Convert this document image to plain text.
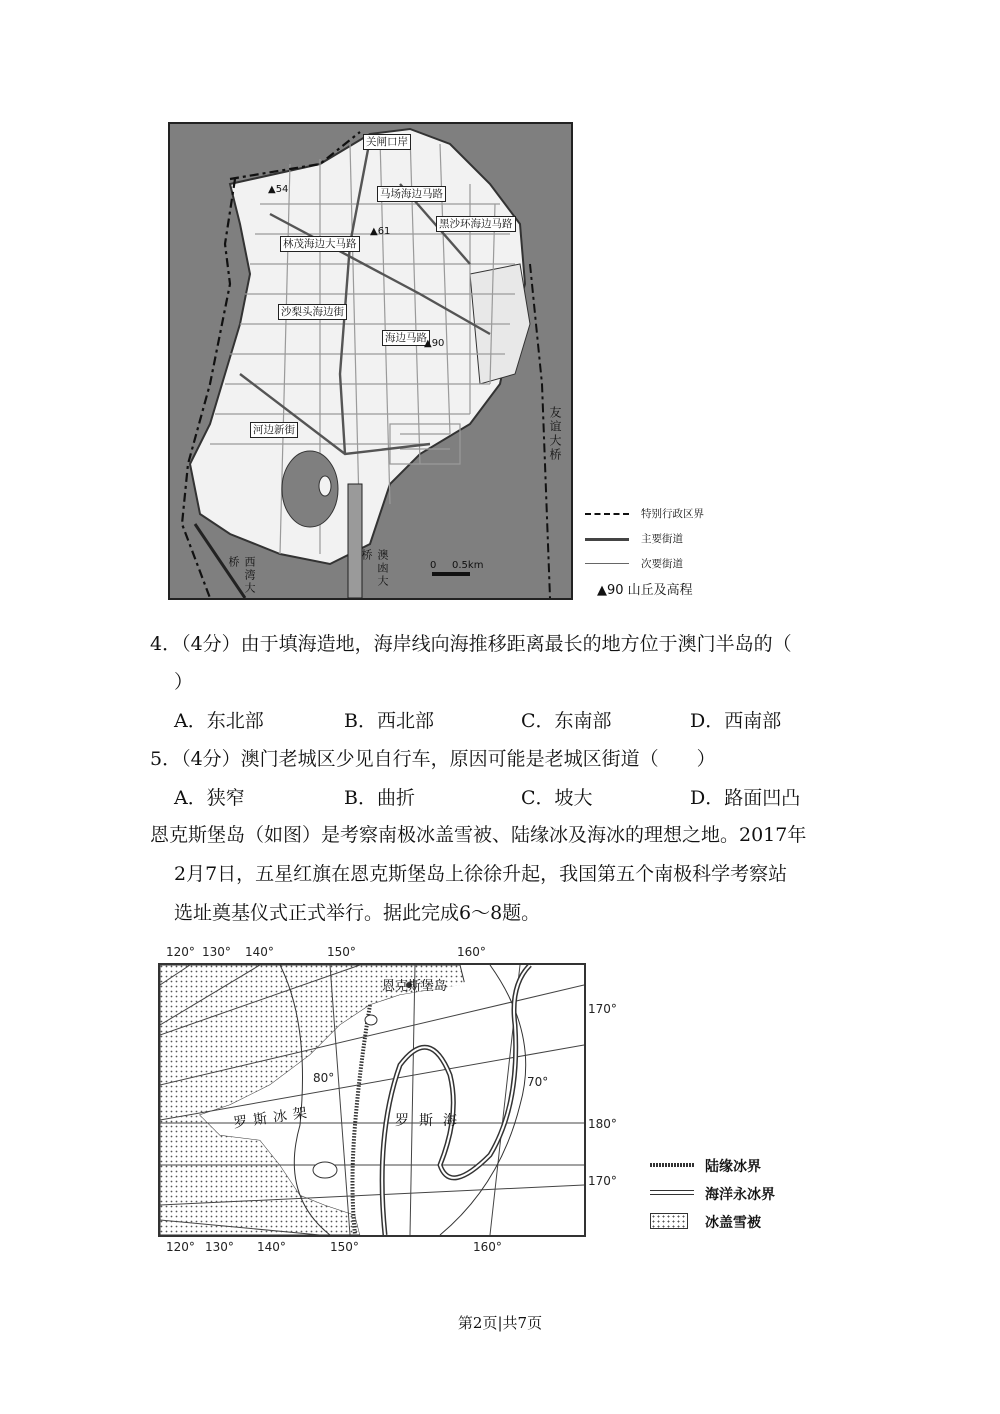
关闸口岸
马场海边马路
黑沙环海边马路
林茂海边大马路
沙梨头海边街
海边马路
河边新街
▲54
▲61
▲90
友谊大桥
澳凼大桥
西湾大桥	0 0.5km
特别行政区界
主要街道
次要街道
▲90 山丘及高程
4．（4分）由于填海造地，海岸线向海推移距离最长的地方位于澳门半岛的（
）
A．东北部	B．西北部	C．东南部	D．西南部
5．（4分）澳门老城区少见自行车，原因可能是老城区街道（　　）
A．狭窄	B．曲折	C．坡大	D．路面凹凸
恩克斯堡岛（如图）是考察南极冰盖雪被、陆缘冰及海冰的理想之地。2017年
2月7日，五星红旗在恩克斯堡岛上徐徐升起，我国第五个南极科学考察站
选址奠基仪式正式举行。据此完成6～8题。
120° 130° 140°	150°	160°
恩克斯堡岛
罗斯冰架	罗斯海
80°	70°
170°
180°
170°
120° 130° 140°	150°	160°
陆缘冰界
海洋永冰界
冰盖雪被
第2页|共7页
